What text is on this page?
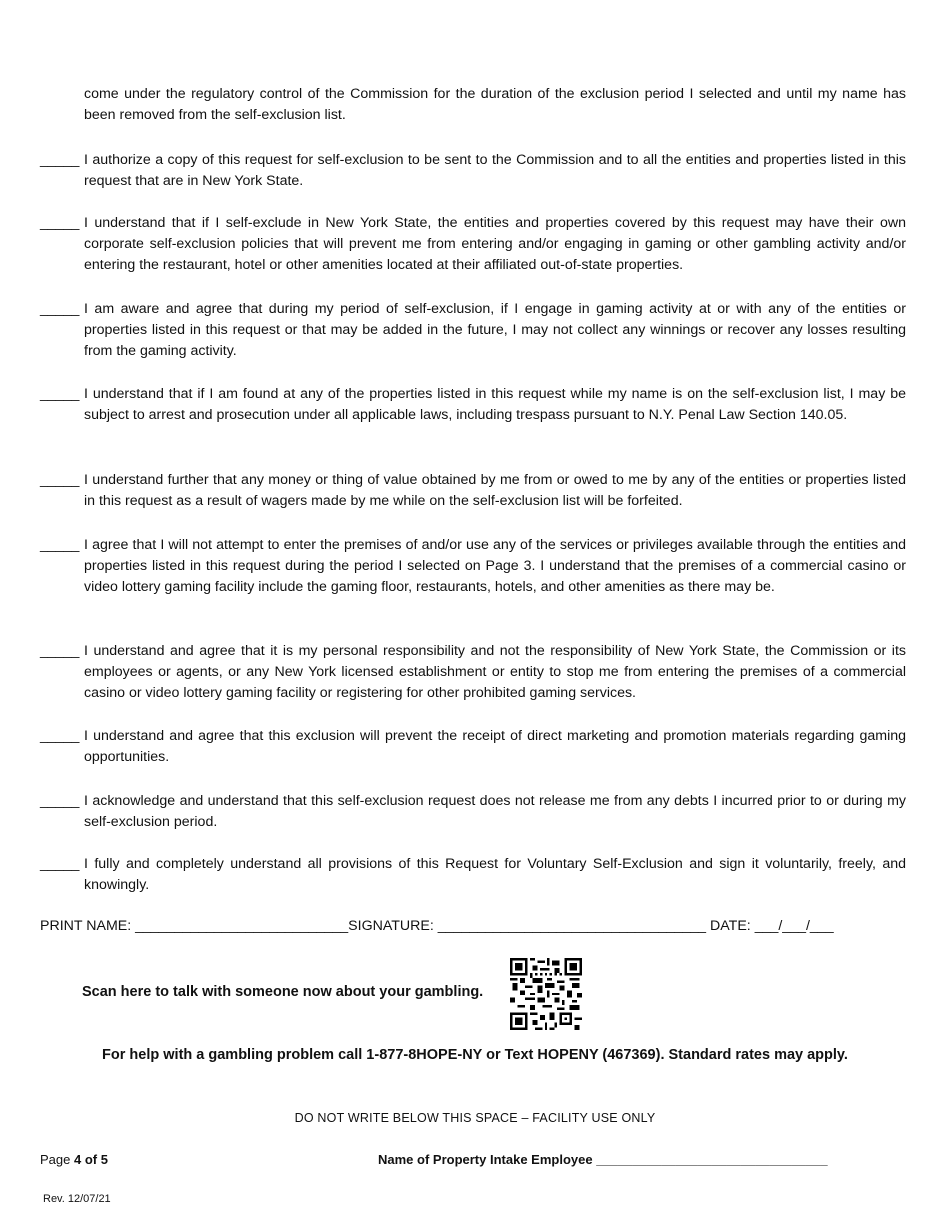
come under the regulatory control of the Commission for the duration of the exclusion period I selected and until my name has been removed from the self-exclusion list.
_____ I authorize a copy of this request for self-exclusion to be sent to the Commission and to all the entities and properties listed in this request that are in New York State.
_____ I understand that if I self-exclude in New York State, the entities and properties covered by this request may have their own corporate self-exclusion policies that will prevent me from entering and/or engaging in gaming or other gambling activity and/or entering the restaurant, hotel or other amenities located at their affiliated out-of-state properties.
_____ I am aware and agree that during my period of self-exclusion, if I engage in gaming activity at or with any of the entities or properties listed in this request or that may be added in the future, I may not collect any winnings or recover any losses resulting from the gaming activity.
_____ I understand that if I am found at any of the properties listed in this request while my name is on the self-exclusion list, I may be subject to arrest and prosecution under all applicable laws, including trespass pursuant to N.Y. Penal Law Section 140.05.
_____ I understand further that any money or thing of value obtained by me from or owed to me by any of the entities or properties listed in this request as a result of wagers made by me while on the self-exclusion list will be forfeited.
_____ I agree that I will not attempt to enter the premises of and/or use any of the services or privileges available through the entities and properties listed in this request during the period I selected on Page 3. I understand that the premises of a commercial casino or video lottery gaming facility include the gaming floor, restaurants, hotels, and other amenities as there may be.
_____ I understand and agree that it is my personal responsibility and not the responsibility of New York State, the Commission or its employees or agents, or any New York licensed establishment or entity to stop me from entering the premises of a commercial casino or video lottery gaming facility or registering for other prohibited gaming services.
_____ I understand and agree that this exclusion will prevent the receipt of direct marketing and promotion materials regarding gaming opportunities.
_____ I acknowledge and understand that this self-exclusion request does not release me from any debts I incurred prior to or during my self-exclusion period.
_____ I fully and completely understand all provisions of this Request for Voluntary Self-Exclusion and sign it voluntarily, freely, and knowingly.
PRINT NAME: ___________________________SIGNATURE: __________________________________ DATE: ___/___/___
Scan here to talk with someone now about your gambling.
For help with a gambling problem call 1-877-8HOPE-NY or Text HOPENY (467369). Standard rates may apply.
DO NOT WRITE BELOW THIS SPACE – FACILITY USE ONLY
Page 4 of 5	Name of Property Intake Employee ________________________________
Rev. 12/07/21
